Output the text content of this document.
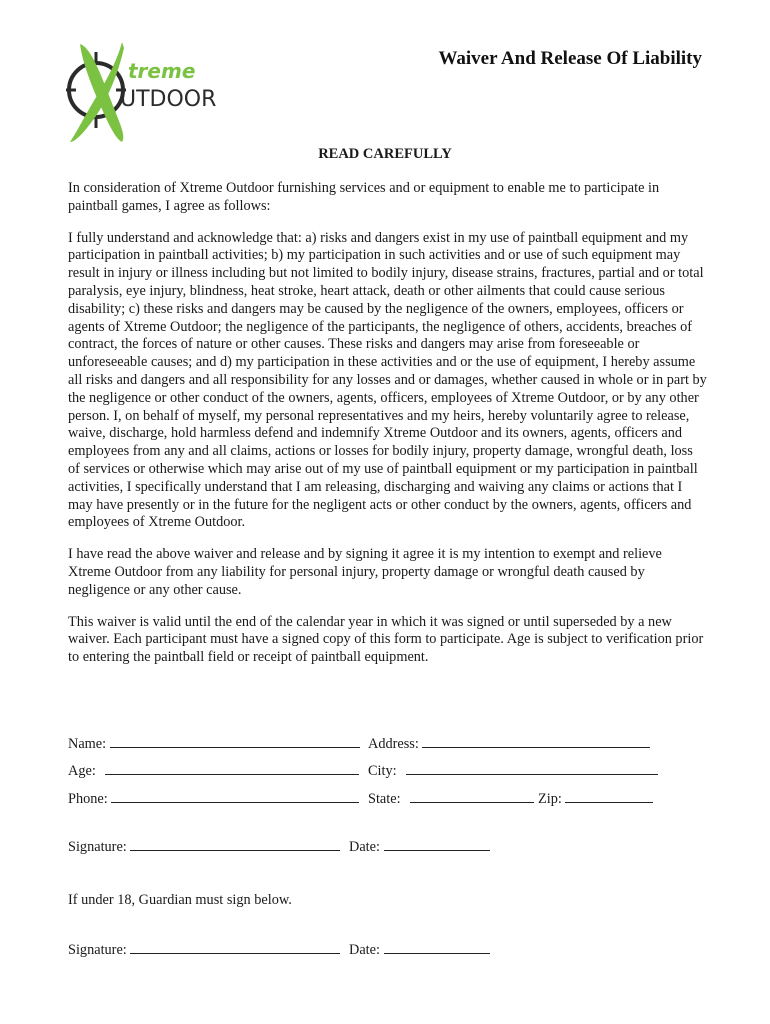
treme
UTDOOR
Waiver And Release Of Liability
READ CAREFULLY

In consideration of Xtreme Outdoor furnishing services and or equipment to enable me to participate in paintball games, I agree as follows:

I fully understand and acknowledge that: a) risks and dangers exist in my use of paintball equipment and my participation in paintball activities; b) my participation in such activities and or use of such equipment may result in injury or illness including but not limited to bodily injury, disease strains, fractures, partial and or total paralysis, eye injury, blindness, heat stroke, heart attack, death or other ailments that could cause serious disability; c) these risks and dangers may be caused by the negligence of the owners, employees, officers or agents of Xtreme Outdoor; the negligence of the participants, the negligence of others, accidents, breaches of contract, the forces of nature or other causes. These risks and dangers may arise from foreseeable or unforeseeable causes; and d) my participation in these activities and or the use of equipment, I hereby assume all risks and dangers and all responsibility for any losses and or damages, whether caused in whole or in part by the negligence or other conduct of the owners, agents, officers, employees of Xtreme Outdoor, or by any other person. I, on behalf of myself, my personal representatives and my heirs, hereby voluntarily agree to release, waive, discharge, hold harmless defend and indemnify Xtreme Outdoor and its owners, agents, officers and employees from any and all claims, actions or losses for bodily injury, property damage, wrongful death, loss of services or otherwise which may arise out of my use of paintball equipment or my participation in paintball activities, I specifically understand that I am releasing, discharging and waiving any claims or actions that I may have presently or in the future for the negligent acts or other conduct by the owners, agents, officers and employees of Xtreme Outdoor.

I have read the above waiver and release and by signing it agree it is my intention to exempt and relieve Xtreme Outdoor from any liability for personal injury, property damage or wrongful death caused by negligence or any other cause.

This waiver is valid until the end of the calendar year in which it was signed or until superseded by a new waiver. Each participant must have a signed copy of this form to participate. Age is subject to verification prior to entering the paintball field or receipt of paintball equipment.

Name:	Address:
Age:	City:
Phone:	State:	Zip:
Signature:	Date:
If under 18, Guardian must sign below.
Signature:	Date:
